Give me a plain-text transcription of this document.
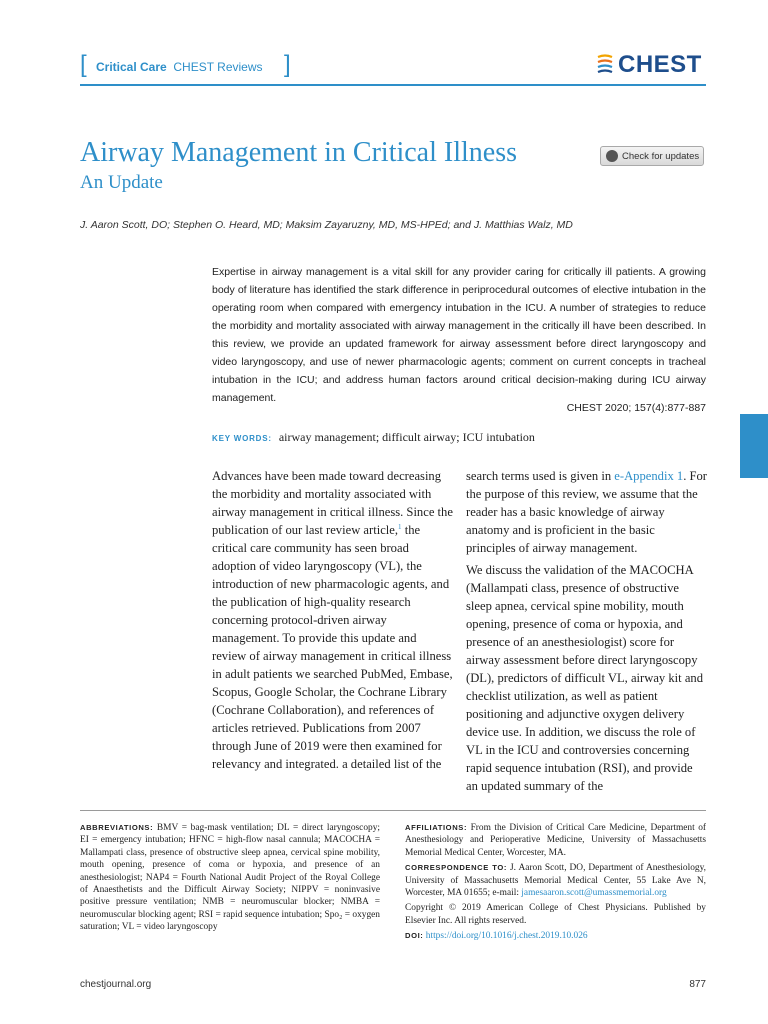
[ Critical Care CHEST Reviews ]	CHEST
Airway Management in Critical Illness
An Update
Check for updates
J. Aaron Scott, DO; Stephen O. Heard, MD; Maksim Zayaruzny, MD, MS-HPEd; and J. Matthias Walz, MD
Expertise in airway management is a vital skill for any provider caring for critically ill patients. A growing body of literature has identified the stark difference in periprocedural outcomes of elective intubation in the operating room when compared with emergency intubation in the ICU. A number of strategies to reduce the morbidity and mortality associated with airway management in the critically ill have been described. In this review, we provide an updated framework for airway assessment before direct laryngoscopy and video laryngoscopy, and use of newer pharmacologic agents; comment on current concepts in tracheal intubation in the ICU; and address human factors around critical decision-making during ICU airway management.
CHEST 2020; 157(4):877-887
KEY WORDS: airway management; difficult airway; ICU intubation

Advances have been made toward decreasing the morbidity and mortality associated with airway management in critical illness. Since the publication of our last review article,$^1$ the critical care community has seen broad adoption of video laryngoscopy (VL), the introduction of new pharmacologic agents, and the publication of high-quality research concerning protocol-driven airway management. To provide this update and review of airway management in critical illness in adult patients we searched PubMed, Embase, Scopus, Google Scholar, the Cochrane Library (Cochrane Collaboration), and references of articles retrieved. Publications from 2007 through June of 2019 were then examined for relevancy and integrated. a detailed list of the

search terms used is given in e-Appendix 1. For the purpose of this review, we assume that the reader has a basic knowledge of airway anatomy and is proficient in the basic principles of airway management.

We discuss the validation of the MACOCHA (Mallampati class, presence of obstructive sleep apnea, cervical spine mobility, mouth opening, presence of coma or hypoxia, and presence of an anesthesiologist) score for airway assessment before direct laryngoscopy (DL), predictors of difficult VL, airway kit and checklist utilization, as well as patient positioning and adjunctive oxygen delivery device use. In addition, we discuss the role of VL in the ICU and controversies concerning rapid sequence intubation (RSI), and provide an updated summary of the

ABBREVIATIONS: BMV = bag-mask ventilation; DL = direct laryngoscopy; EI = emergency intubation; HFNC = high-flow nasal cannula; MACOCHA = Mallampati class, presence of obstructive sleep apnea, cervical spine mobility, mouth opening, presence of coma or hypoxia, and presence of an anesthesiologist; NAP4 = Fourth National Audit Project of the Royal College of Anaesthetists and the Difficult Airway Society; NIPPV = noninvasive positive pressure ventilation; NMB = neuromuscular blocker; NMBA = neuromuscular blocking agent; RSI = rapid sequence intubation; Spo₂ = oxygen saturation; VL = video laryngoscopy

AFFILIATIONS: From the Division of Critical Care Medicine, Department of Anesthesiology and Perioperative Medicine, University of Massachusetts Memorial Medical Center, Worcester, MA.

CORRESPONDENCE TO: J. Aaron Scott, DO, Department of Anesthesiology, University of Massachusetts Memorial Medical Center, 55 Lake Ave N, Worcester, MA 01655; e-mail: jamesaaron.scott@umassmemorial.org

Copyright © 2019 American College of Chest Physicians. Published by Elsevier Inc. All rights reserved.

DOI: https://doi.org/10.1016/j.chest.2019.10.026

chestjournal.org	877
